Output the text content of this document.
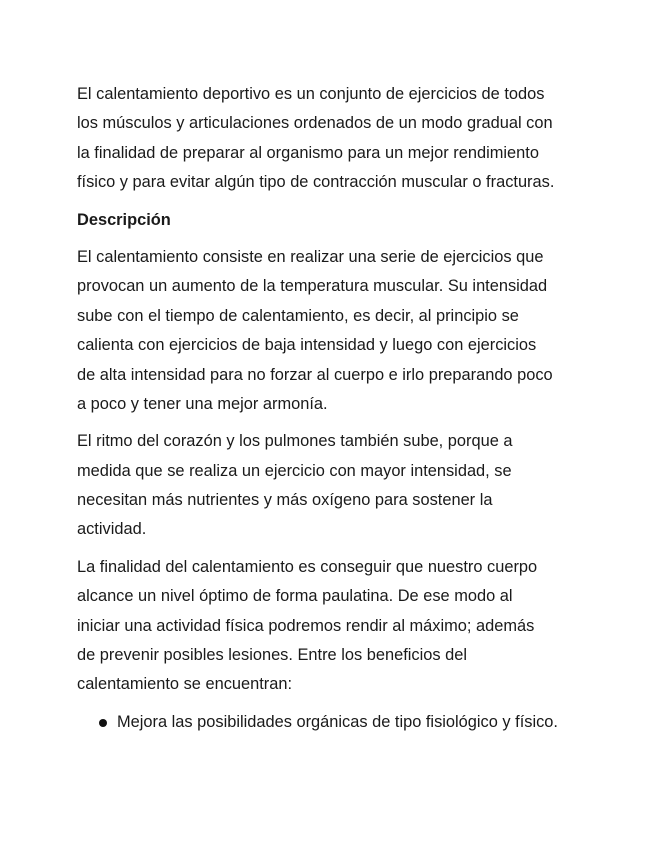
El calentamiento deportivo es un conjunto de ejercicios de todos
los músculos y articulaciones ordenados de un modo gradual con
la finalidad de preparar al organismo para un mejor rendimiento
físico y para evitar algún tipo de contracción muscular o fracturas.

Descripción

El calentamiento consiste en realizar una serie de ejercicios que
provocan un aumento de la temperatura muscular. Su intensidad
sube con el tiempo de calentamiento, es decir, al principio se
calienta con ejercicios de baja intensidad y luego con ejercicios
de alta intensidad para no forzar al cuerpo e irlo preparando poco
a poco y tener una mejor armonía.

El ritmo del corazón y los pulmones también sube, porque a
medida que se realiza un ejercicio con mayor intensidad, se
necesitan más nutrientes y más oxígeno para sostener la
actividad.

La finalidad del calentamiento es conseguir que nuestro cuerpo
alcance un nivel óptimo de forma paulatina. De ese modo al
iniciar una actividad física podremos rendir al máximo; además
de prevenir posibles lesiones. Entre los beneficios del
calentamiento se encuentran:

Mejora las posibilidades orgánicas de tipo fisiológico y físico.
